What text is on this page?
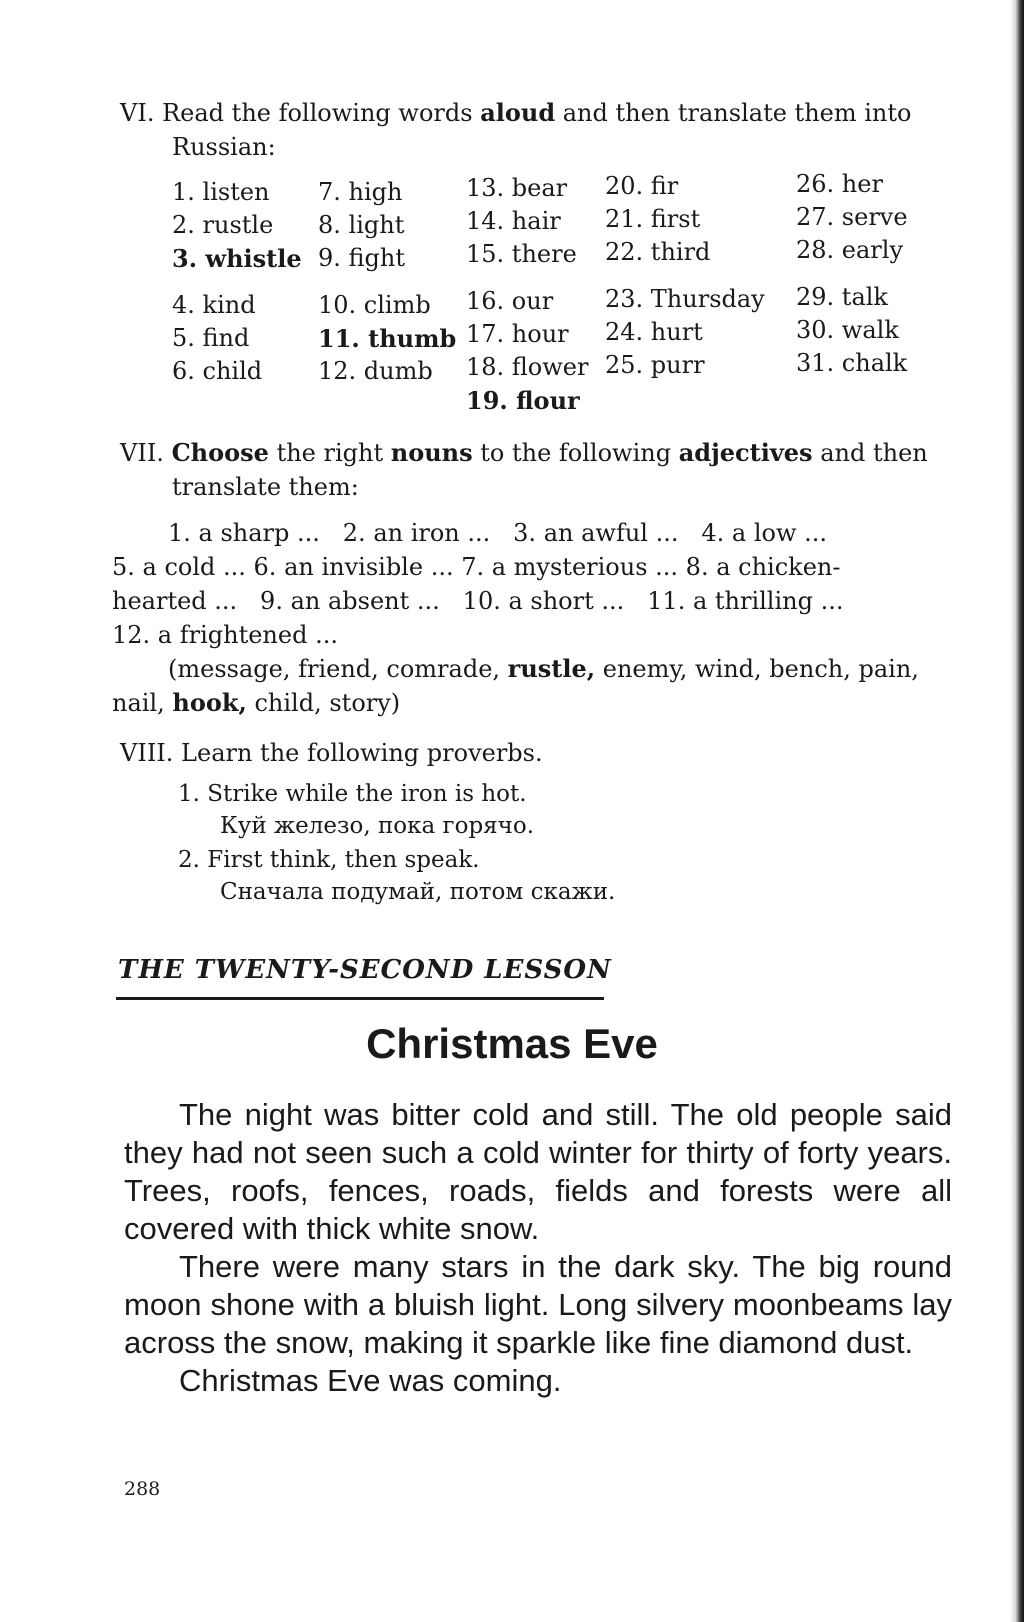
VI. Read the following words aloud and then translate them into
Russian:
1. listen
2. rustle
3. whistle
4. kind
5. find
6. child
7. high
8. light
9. fight
10. climb
11. thumb
12. dumb
13. bear
14. hair
15. there
16. our
17. hour
18. flower
19. flour
20. fir
21. first
22. third
23. Thursday
24. hurt
25. purr
26. her
27. serve
28. early
29. talk
30. walk
31. chalk
VII. Choose the right nouns to the following adjectives and then
translate them:
1. a sharp ...   2. an iron ...   3. an awful ...   4. a low ...
5. a cold ... 6. an invisible ... 7. a mysterious ... 8. a chicken-
hearted ...   9. an absent ...   10. a short ...   11. a thrilling ...
12. a frightened ...
(message, friend, comrade, rustle, enemy, wind, bench, pain,
nail, hook, child, story)
VIII. Learn the following proverbs.
1. Strike while the iron is hot.
Куй железо, пока горячо.
2. First think, then speak.
Сначала подумай, потом скажи.
THE TWENTY-SECOND LESSON
Christmas Eve

The night was bitter cold and still. The old people said they had not seen such a cold winter for thirty of forty years. Trees, roofs, fences, roads, fields and forests were all covered with thick white snow.

There were many stars in the dark sky. The big round moon shone with a bluish light. Long silvery moonbeams lay across the snow, making it sparkle like fine diamond dust.

Christmas Eve was coming.

288
